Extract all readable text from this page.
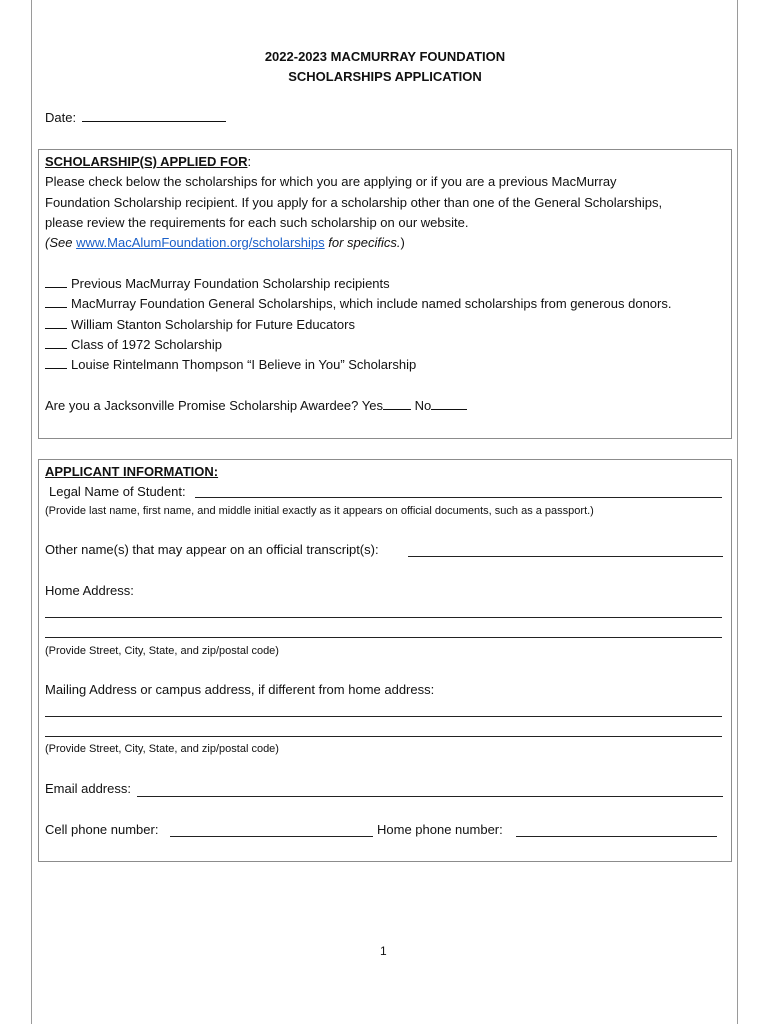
2022-2023 MACMURRAY FOUNDATION
SCHOLARSHIPS APPLICATION
Date:
SCHOLARSHIP(S) APPLIED FOR:
Please check below the scholarships for which you are applying or if you are a previous MacMurray
Foundation Scholarship recipient. If you apply for a scholarship other than one of the General Scholarships,
please review the requirements for each such scholarship on our website.
(See www.MacAlumFoundation.org/scholarships for specifics.)
Previous MacMurray Foundation Scholarship recipients
MacMurray Foundation General Scholarships, which include named scholarships from generous donors.
William Stanton Scholarship for Future Educators
Class of 1972 Scholarship
Louise Rintelmann Thompson “I Believe in You” Scholarship
Are you a Jacksonville Promise Scholarship Awardee? Yes No
APPLICANT INFORMATION:
Legal Name of Student:
(Provide last name, first name, and middle initial exactly as it appears on official documents, such as a passport.)
Other name(s) that may appear on an official transcript(s):
Home Address:
(Provide Street, City, State, and zip/postal code)
Mailing Address or campus address, if different from home address:
(Provide Street, City, State, and zip/postal code)
Email address:
Cell phone number:	Home phone number:
1
